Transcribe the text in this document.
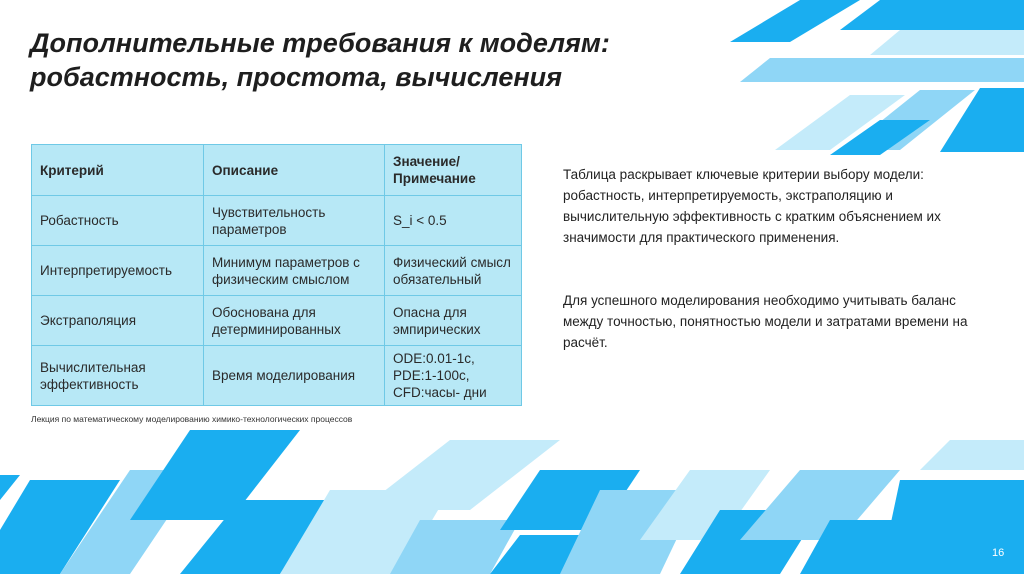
Дополнительные требования к моделям:
робастность, простота, вычисления
Критерий	Описание	Значение/ Примечание
Робастность	Чувствительность параметров	S_i < 0.5
Интерпретируемость	Минимум параметров с физическим смыслом	Физический смысл обязательный
Экстраполяция	Обоснована для детерминированных	Опасна для эмпирических
Вычислительная эффективность	Время моделирования	ODE:0.01-1с, PDE:1-100с, CFD:часы- дни
Лекция по математическому моделированию химико-технологических процессов

Таблица раскрывает ключевые критерии выбору модели: робастность, интерпретируемость, экстраполяцию и вычислительную эффективность с кратким объяснением их значимости для практического применения.

Для успешного моделирования необходимо учитывать баланс между точностью, понятностью модели и затратами времени на расчёт.

16
